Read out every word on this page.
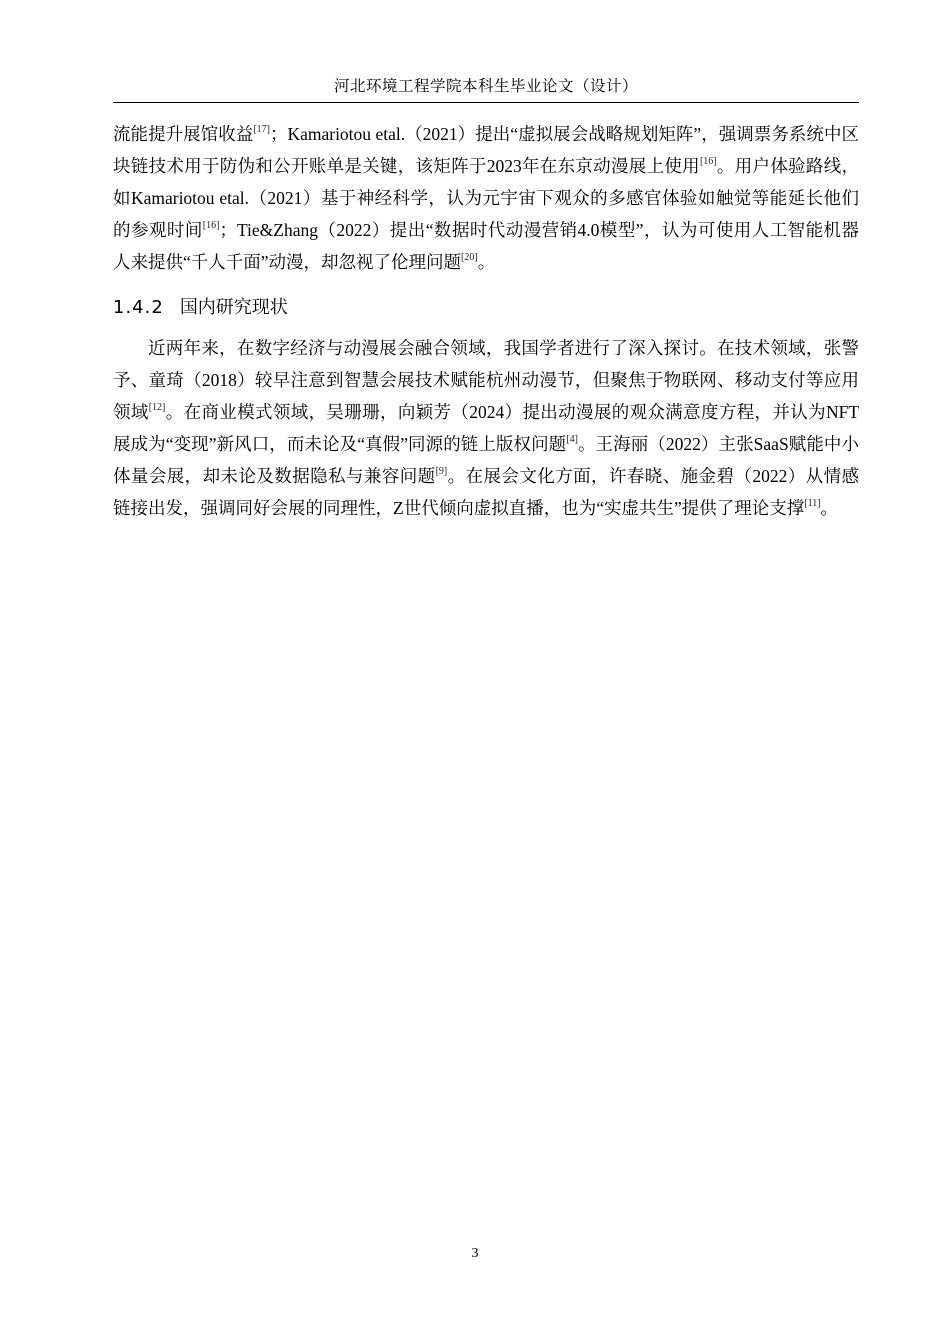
河北环境工程学院本科生毕业论文（设计）

流能提升展馆收益[17]；Kamariotou etal.（2021）提出“虚拟展会战略规划矩阵”，强调票务系统中区块链技术用于防伪和公开账单是关键，该矩阵于2023年在东京动漫展上使用[16]。用户体验路线，如Kamariotou etal.（2021）基于神经科学，认为元宇宙下观众的多感官体验如触觉等能延长他们的参观时间[16]；Tie&Zhang（2022）提出“数据时代动漫营销4.0模型”，认为可使用人工智能机器人来提供“千人千面”动漫，却忽视了伦理问题[20]。

1.4.2 国内研究现状

近两年来，在数字经济与动漫展会融合领域，我国学者进行了深入探讨。在技术领域，张警予、童琦（2018）较早注意到智慧会展技术赋能杭州动漫节，但聚焦于物联网、移动支付等应用领域[12]。在商业模式领域，吴珊珊，向颖芳（2024）提出动漫展的观众满意度方程，并认为NFT展成为“变现”新风口，而未论及“真假”同源的链上版权问题[4]。王海丽（2022）主张SaaS赋能中小体量会展，却未论及数据隐私与兼容问题[9]。在展会文化方面，许春晓、施金碧（2022）从情感链接出发，强调同好会展的同理性，Z世代倾向虚拟直播，也为“实虚共生”提供了理论支撑[11]。

3
